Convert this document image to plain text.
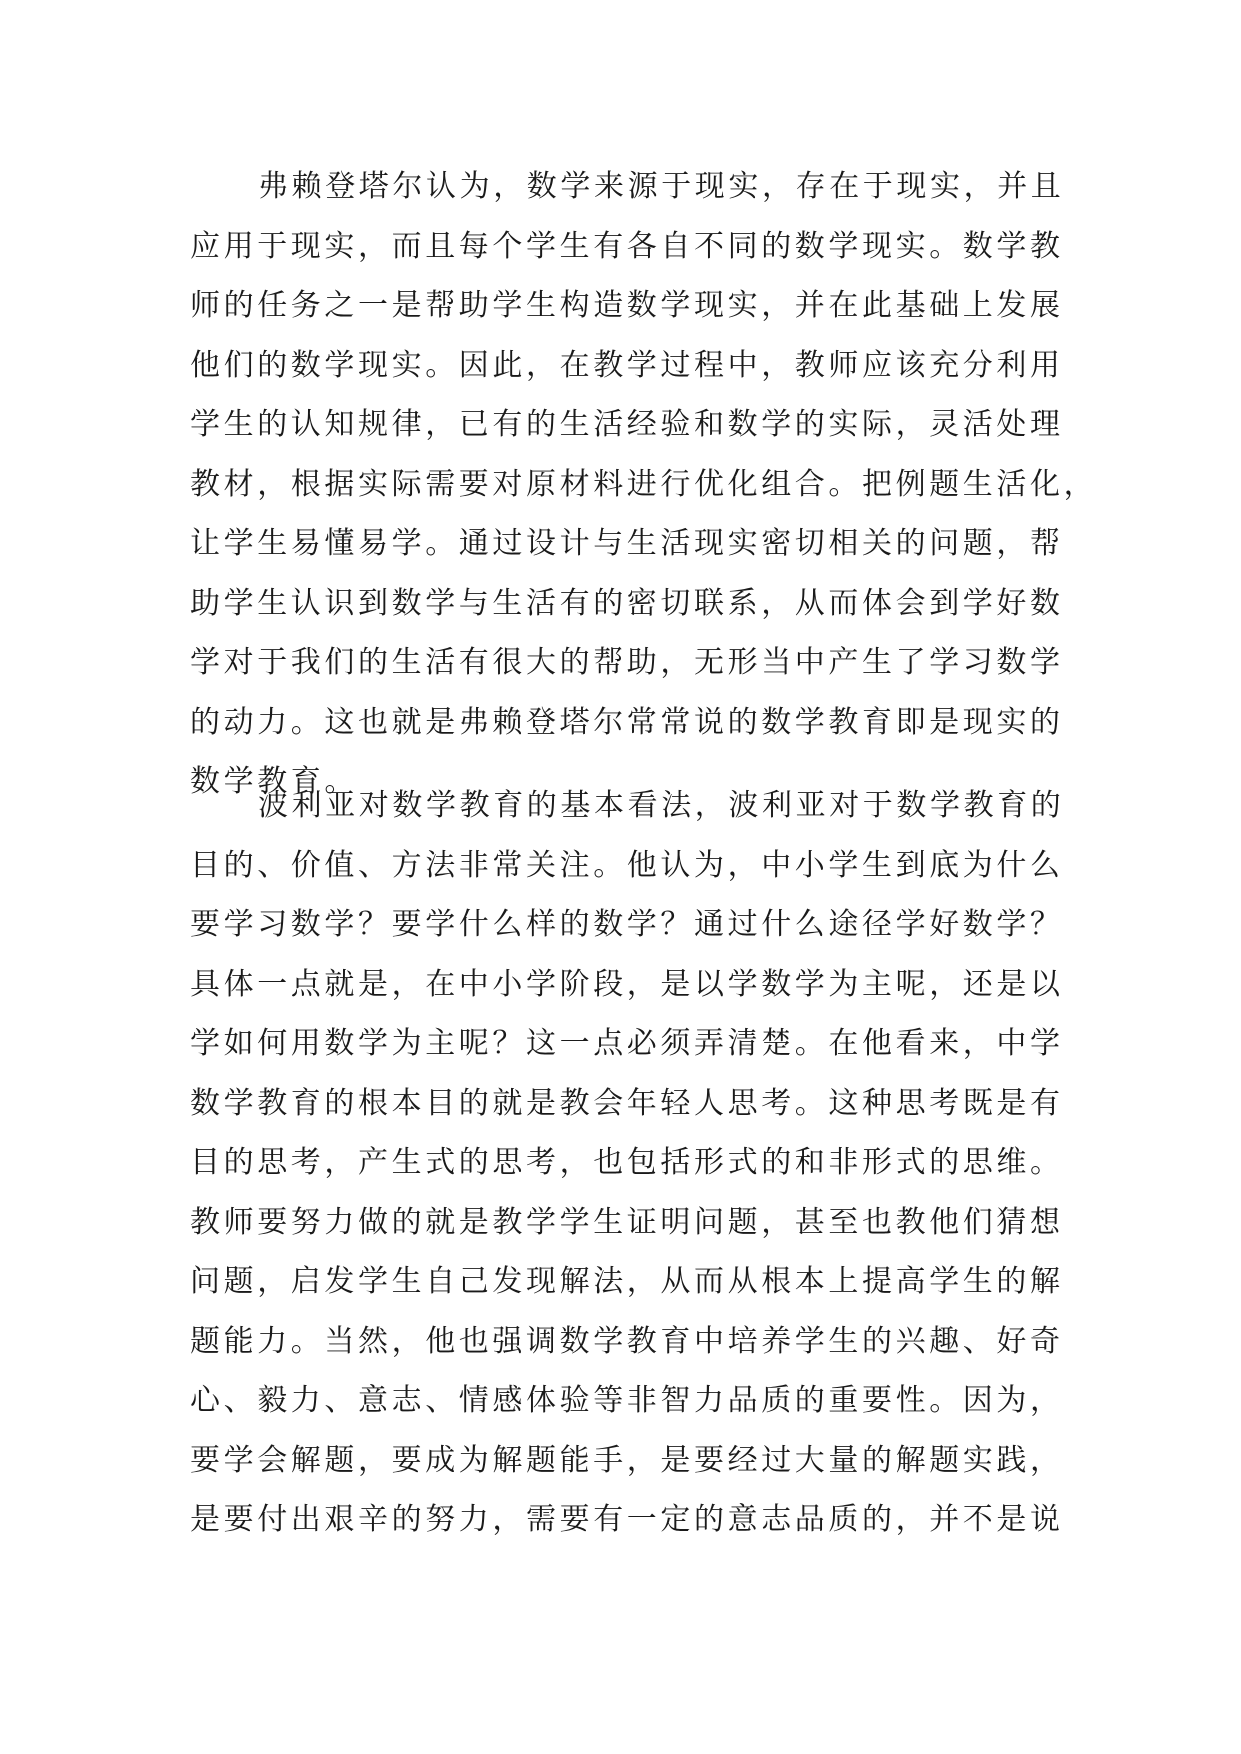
弗赖登塔尔认为，数学来源于现实，存在于现实，并且
应用于现实，而且每个学生有各自不同的数学现实。数学教
师的任务之一是帮助学生构造数学现实，并在此基础上发展
他们的数学现实。因此，在教学过程中，教师应该充分利用
学生的认知规律，已有的生活经验和数学的实际，灵活处理
教材，根据实际需要对原材料进行优化组合。把例题生活化，
让学生易懂易学。通过设计与生活现实密切相关的问题，帮
助学生认识到数学与生活有的密切联系，从而体会到学好数
学对于我们的生活有很大的帮助，无形当中产生了学习数学
的动力。这也就是弗赖登塔尔常常说的数学教育即是现实的
数学教育。
波利亚对数学教育的基本看法，波利亚对于数学教育的
目的、价值、方法非常关注。他认为，中小学生到底为什么
要学习数学？要学什么样的数学？通过什么途径学好数学？
具体一点就是，在中小学阶段，是以学数学为主呢，还是以
学如何用数学为主呢？这一点必须弄清楚。在他看来，中学
数学教育的根本目的就是教会年轻人思考。这种思考既是有
目的思考，产生式的思考，也包括形式的和非形式的思维。
教师要努力做的就是教学学生证明问题，甚至也教他们猜想
问题，启发学生自己发现解法，从而从根本上提高学生的解
题能力。当然，他也强调数学教育中培养学生的兴趣、好奇
心、毅力、意志、情感体验等非智力品质的重要性。因为，
要学会解题，要成为解题能手，是要经过大量的解题实践，
是要付出艰辛的努力，需要有一定的意志品质的，并不是说
